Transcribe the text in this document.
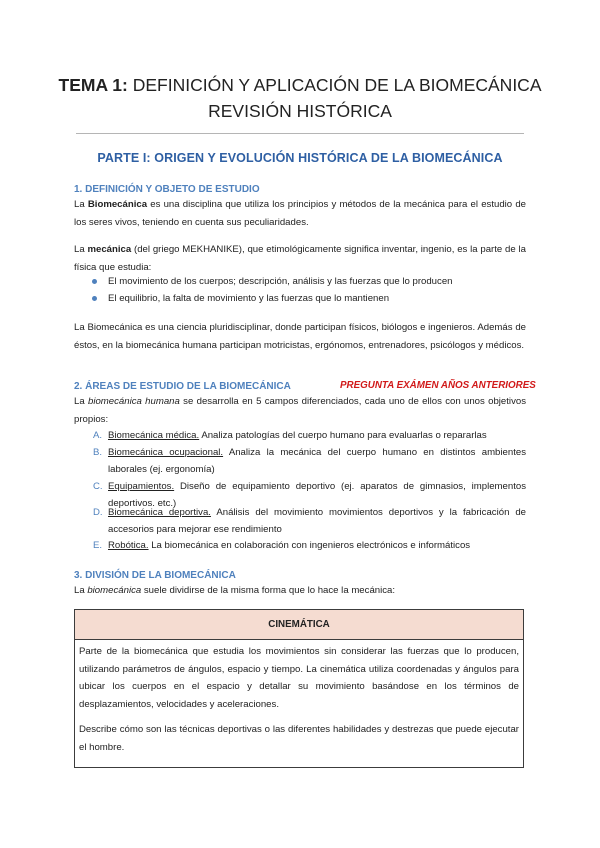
TEMA 1: DEFINICIÓN Y APLICACIÓN DE LA BIOMECÁNICA
REVISIÓN HISTÓRICA
PARTE I: ORIGEN Y EVOLUCIÓN HISTÓRICA DE LA BIOMECÁNICA
1. DEFINICIÓN Y OBJETO DE ESTUDIO
La Biomecánica es una disciplina que utiliza los principios y métodos de la mecánica para el estudio de los seres vivos, teniendo en cuenta sus peculiaridades.
La mecánica (del griego MEKHANIKE), que etimológicamente significa inventar, ingenio, es la parte de la física que estudia:
El movimiento de los cuerpos; descripción, análisis y las fuerzas que lo producen
El equilibrio, la falta de movimiento y las fuerzas que lo mantienen
La Biomecánica es una ciencia pluridisciplinar, donde participan físicos, biólogos e ingenieros. Además de éstos, en la biomecánica humana participan motricistas, ergónomos, entrenadores, psicólogos y médicos.
2. ÁREAS DE ESTUDIO DE LA BIOMECÁNICA	PREGUNTA EXÁMEN AÑOS ANTERIORES
La biomecánica humana se desarrolla en 5 campos diferenciados, cada uno de ellos con unos objetivos propios:
A. Biomecánica médica. Analiza patologías del cuerpo humano para evaluarlas o repararlas
B. Biomecánica ocupacional. Analiza la mecánica del cuerpo humano en distintos ambientes laborales (ej. ergonomía)
C. Equipamientos. Diseño de equipamiento deportivo (ej. aparatos de gimnasios, implementos deportivos. etc.)
D. Biomecánica deportiva. Análisis del movimiento movimientos deportivos y la fabricación de accesorios para mejorar ese rendimiento
E. Robótica. La biomecánica en colaboración con ingenieros electrónicos e informáticos
3. DIVISIÓN DE LA BIOMECÁNICA
La biomecánica suele dividirse de la misma forma que lo hace la mecánica:
CINEMÁTICA
Parte de la biomecánica que estudia los movimientos sin considerar las fuerzas que lo producen, utilizando parámetros de ángulos, espacio y tiempo. La cinemática utiliza coordenadas y ángulos para ubicar los cuerpos en el espacio y detallar su movimiento basándose en los términos de desplazamientos, velocidades y aceleraciones.
Describe cómo son las técnicas deportivas o las diferentes habilidades y destrezas que puede ejecutar el hombre.
